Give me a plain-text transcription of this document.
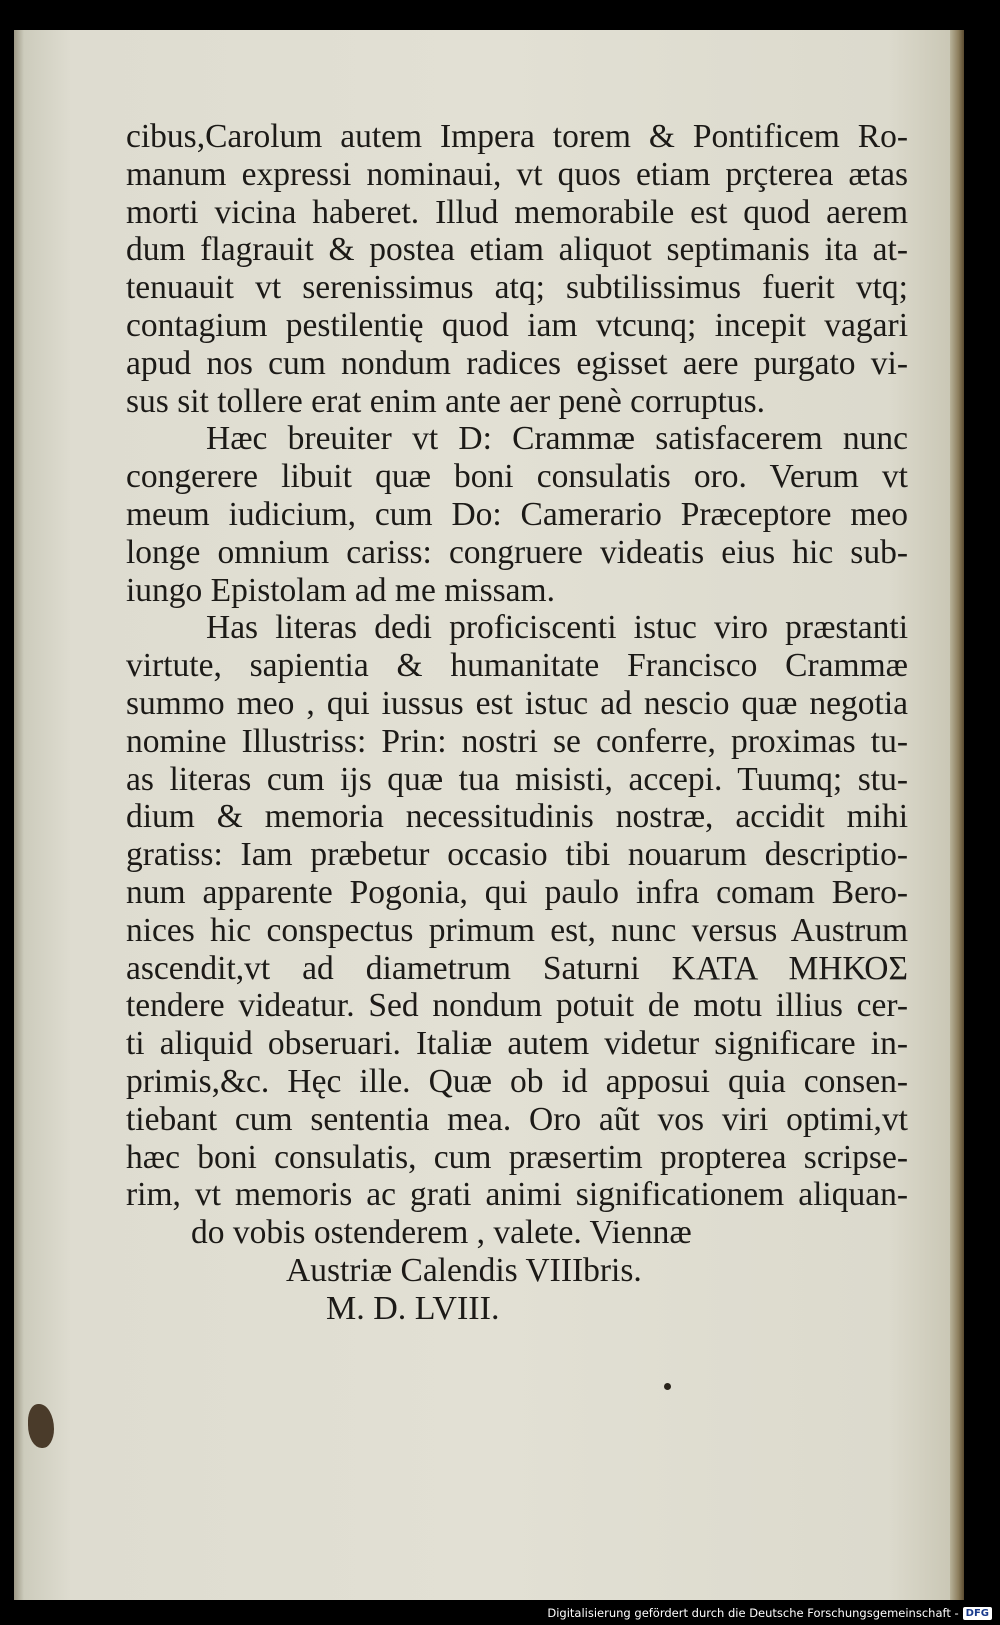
cibus,Carolum autem Impera torem & Pontificem Ro-
manum expressi nominaui, vt quos etiam prçterea ætas
morti vicina haberet. Illud memorabile est quod aerem
dum flagrauit & postea etiam aliquot septimanis ita at-
tenuauit vt serenissimus atq; subtilissimus fuerit vtq;
contagium pestilentię quod iam vtcunq; incepit vagari
apud nos cum nondum radices egisset aere purgato vi-
sus sit tollere erat enim ante aer penè corruptus.
Hæc breuiter vt D: Crammæ satisfacerem nunc
congerere libuit quæ boni consulatis oro. Verum vt
meum iudicium, cum Do: Camerario Præceptore meo
longe omnium cariss: congruere videatis eius hic sub-
iungo Epistolam ad me missam.
Has literas dedi proficiscenti istuc viro præstanti
virtute, sapientia & humanitate Francisco Crammæ
summo meo , qui iussus est istuc ad nescio quæ negotia
nomine Illustriss: Prin: nostri se conferre, proximas tu-
as literas cum ijs quæ tua misisti, accepi. Tuumq; stu-
dium & memoria necessitudinis nostræ, accidit mihi
gratiss: Iam præbetur occasio tibi nouarum descriptio-
num apparente Pogonia, qui paulo infra comam Bero-
nices hic conspectus primum est, nunc versus Austrum
ascendit,vt ad diametrum Saturni ΚΑΤΑ ΜΗΚΟΣ
tendere videatur. Sed nondum potuit de motu illius cer-
ti aliquid obseruari. Italiæ autem videtur significare in-
primis,&c. Hęc ille. Quæ ob id apposui quia consen-
tiebant cum sententia mea. Oro aũt vos viri optimi,vt
hæc boni consulatis, cum præsertim propterea scripse-
rim, vt memoris ac grati animi significationem aliquan-
do vobis ostenderem , valete. Viennæ
Austriæ Calendis VIIIbris.
M. D. LVIII.
Digitalisierung gefördert durch die Deutsche Forschungsgemeinschaft - DFG
